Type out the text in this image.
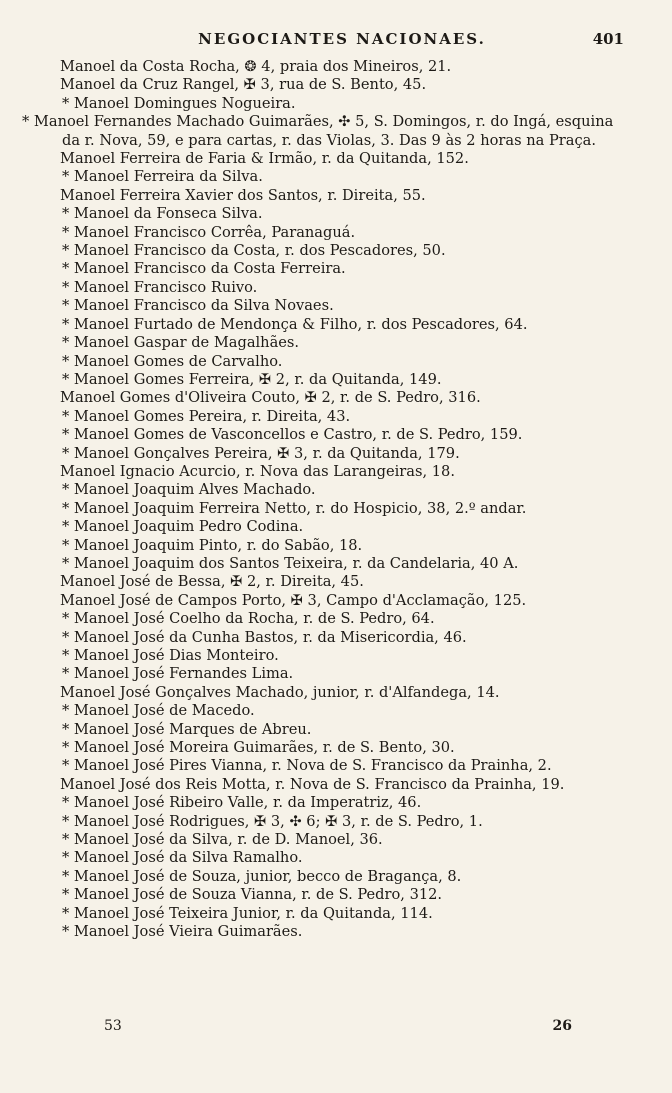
NEGOCIANTES NACIONAES.	401
Manoel da Costa Rocha, ❂ 4, praia dos Mineiros, 21.
Manoel da Cruz Rangel, ✠ 3, rua de S. Bento, 45.
* Manoel Domingues Nogueira.
* Manoel Fernandes Machado Guimarães, ✣ 5, S. Domingos, r. do Ingá, esquina da r. Nova, 59, e para cartas, r. das Violas, 3. Das 9 às 2 horas na Praça.
Manoel Ferreira de Faria & Irmão, r. da Quitanda, 152.
* Manoel Ferreira da Silva.
Manoel Ferreira Xavier dos Santos, r. Direita, 55.
* Manoel da Fonseca Silva.
* Manoel Francisco Corrêa, Paranaguá.
* Manoel Francisco da Costa, r. dos Pescadores, 50.
* Manoel Francisco da Costa Ferreira.
* Manoel Francisco Ruivo.
* Manoel Francisco da Silva Novaes.
* Manoel Furtado de Mendonça & Filho, r. dos Pescadores, 64.
* Manoel Gaspar de Magalhães.
* Manoel Gomes de Carvalho.
* Manoel Gomes Ferreira, ✠ 2, r. da Quitanda, 149.
Manoel Gomes d'Oliveira Couto, ✠ 2, r. de S. Pedro, 316.
* Manoel Gomes Pereira, r. Direita, 43.
* Manoel Gomes de Vasconcellos e Castro, r. de S. Pedro, 159.
* Manoel Gonçalves Pereira, ✠ 3, r. da Quitanda, 179.
Manoel Ignacio Acurcio, r. Nova das Larangeiras, 18.
* Manoel Joaquim Alves Machado.
* Manoel Joaquim Ferreira Netto, r. do Hospicio, 38, 2.º andar.
* Manoel Joaquim Pedro Codina.
* Manoel Joaquim Pinto, r. do Sabão, 18.
* Manoel Joaquim dos Santos Teixeira, r. da Candelaria, 40 A.
Manoel José de Bessa, ✠ 2, r. Direita, 45.
Manoel José de Campos Porto, ✠ 3, Campo d'Acclamação, 125.
* Manoel José Coelho da Rocha, r. de S. Pedro, 64.
* Manoel José da Cunha Bastos, r. da Misericordia, 46.
* Manoel José Dias Monteiro.
* Manoel José Fernandes Lima.
Manoel José Gonçalves Machado, junior, r. d'Alfandega, 14.
* Manoel José de Macedo.
* Manoel José Marques de Abreu.
* Manoel José Moreira Guimarães, r. de S. Bento, 30.
* Manoel José Pires Vianna, r. Nova de S. Francisco da Prainha, 2.
Manoel José dos Reis Motta, r. Nova de S. Francisco da Prainha, 19.
* Manoel José Ribeiro Valle, r. da Imperatriz, 46.
* Manoel José Rodrigues, ✠ 3, ✣ 6; ✠ 3, r. de S. Pedro, 1.
* Manoel José da Silva, r. de D. Manoel, 36.
* Manoel José da Silva Ramalho.
* Manoel José de Souza, junior, becco de Bragança, 8.
* Manoel José de Souza Vianna, r. de S. Pedro, 312.
* Manoel José Teixeira Junior, r. da Quitanda, 114.
* Manoel José Vieira Guimarães.
53	26
